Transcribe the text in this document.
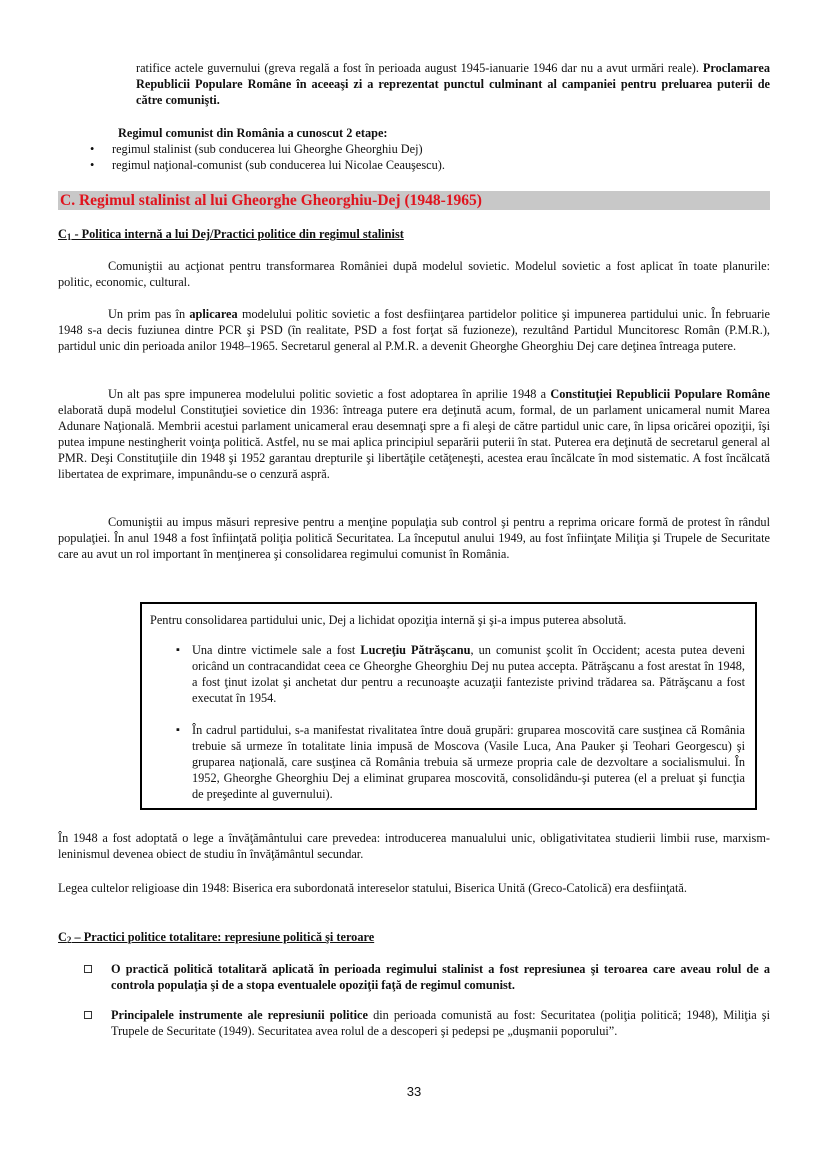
ratifice actele guvernului (greva regală a fost în perioada august 1945-ianuarie 1946 dar nu a avut urmări reale). Proclamarea Republicii Populare Române în aceeaşi zi a reprezentat punctul culminant al campaniei pentru preluarea puterii de către comunişti.

Regimul comunist din România a cunoscut 2 etape:

• regimul stalinist (sub conducerea lui Gheorghe Gheorghiu Dej)
• regimul naţional-comunist (sub conducerea lui Nicolae Ceauşescu).
C. Regimul stalinist al lui Gheorghe Gheorghiu-Dej (1948-1965)

$C_1$ - Politica internă a lui Dej/Practici politice din regimul stalinist

Comuniştii au acţionat pentru transformarea României după modelul sovietic. Modelul sovietic a fost aplicat în toate planurile: politic, economic, cultural.

Un prim pas în aplicarea modelului politic sovietic a fost desfiinţarea partidelor politice şi impunerea partidului unic. În februarie 1948 s-a decis fuziunea dintre PCR şi PSD (în realitate, PSD a fost forţat să fuzioneze), rezultând Partidul Muncitoresc Român (P.M.R.), partidul unic din perioada anilor 1948–1965. Secretarul general al P.M.R. a devenit Gheorghe Gheorghiu Dej care deţinea întreaga putere.

Un alt pas spre impunerea modelului politic sovietic a fost adoptarea în aprilie 1948 a Constituţiei Republicii Populare Române elaborată după modelul Constituţiei sovietice din 1936: întreaga putere era deţinută acum, formal, de un parlament unicameral numit Marea Adunare Naţională. Membrii acestui parlament unicameral erau desemnaţi spre a fi aleşi de către partidul unic care, în lipsa oricărei opoziţii, îşi putea impune nestingherit voinţa politică. Astfel, nu se mai aplica principiul separării puterii în stat. Puterea era deţinută de secretarul general al PMR. Deşi Constituţiile din 1948 şi 1952 garantau drepturile şi libertăţile cetăţeneşti, acestea erau încălcate în mod sistematic. A fost încălcată libertatea de exprimare, impunându-se o cenzură aspră.

Comuniştii au impus măsuri represive pentru a menţine populaţia sub control şi pentru a reprima oricare formă de protest în rândul populaţiei. În anul 1948 a fost înfiinţată poliţia politică Securitatea. La începutul anului 1949, au fost înfiinţate Miliţia şi Trupele de Securitate care au avut un rol important în menţinerea şi consolidarea regimului comunist în România.

Pentru consolidarea partidului unic, Dej a lichidat opoziţia internă şi şi-a impus puterea absolută.

▪ Una dintre victimele sale a fost Lucreţiu Pătrăşcanu, un comunist şcolit în Occident; acesta putea deveni oricând un contracandidat ceea ce Gheorghe Gheorghiu Dej nu putea accepta. Pătrăşcanu a fost arestat în 1948, a fost ţinut izolat şi anchetat dur pentru a recunoaşte acuzaţii fanteziste privind trădarea sa. Pătrăşcanu a fost executat în 1954.
▪ În cadrul partidului, s-a manifestat rivalitatea între două grupări: gruparea moscovită care susţinea că România trebuie să urmeze în totalitate linia impusă de Moscova (Vasile Luca, Ana Pauker şi Teohari Georgescu) şi gruparea naţională, care susţinea că România trebuia să urmeze propria cale de dezvoltare a socialismului. În 1952, Gheorghe Gheorghiu Dej a eliminat gruparea moscovită, consolidându-şi puterea (el a preluat şi funcţia de preşedinte al guvernului).

În 1948 a fost adoptată o lege a învăţământului care prevedea: introducerea manualului unic, obligativitatea studierii limbii ruse, marxism-leninismul devenea obiect de studiu în învăţământul secundar.

Legea cultelor religioase din 1948: Biserica era subordonată intereselor statului, Biserica Unită (Greco-Catolică) era desfiinţată.

$C_2$ – Practici politice totalitare: represiune politică şi teroare

O practică politică totalitară aplicată în perioada regimului stalinist a fost represiunea şi teroarea care aveau rolul de a controla populaţia şi de a stopa eventualele opoziţii faţă de regimul comunist.
Principalele instrumente ale represiunii politice din perioada comunistă au fost: Securitatea (poliţia politică; 1948), Miliţia şi Trupele de Securitate (1949). Securitatea avea rolul de a descoperi şi pedepsi pe „duşmanii poporului”.
33
